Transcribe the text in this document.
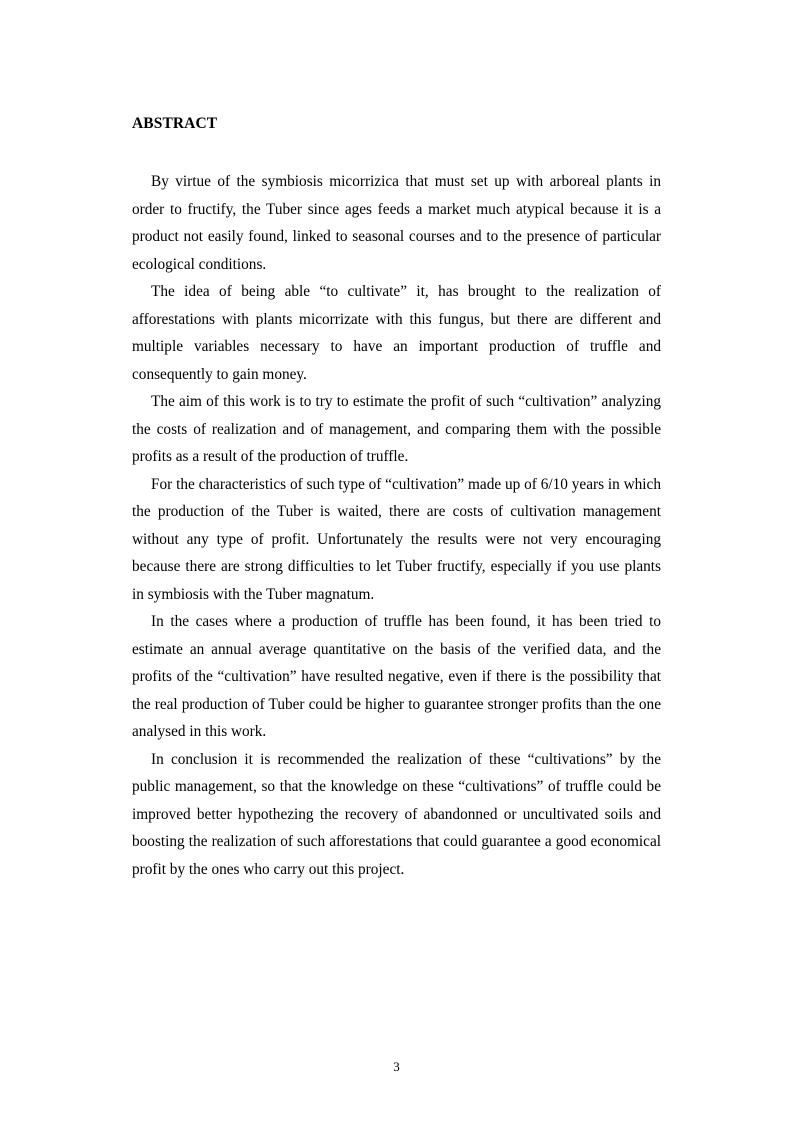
ABSTRACT

By virtue of the symbiosis micorrizica that must set up with arboreal plants in order to fructify, the Tuber since ages feeds a market much atypical because it is a product not easily found, linked to seasonal courses and to the presence of particular ecological conditions.

The idea of being able “to cultivate” it, has brought to the realization of afforestations with plants micorrizate with this fungus, but there are different and multiple variables necessary to have an important production of truffle and consequently to gain money.

The aim of this work is to try to estimate the profit of such “cultivation” analyzing the costs of realization and of management, and comparing them with the possible profits as a result of the production of truffle.

For the characteristics of such type of “cultivation” made up of 6/10 years in which the production of the Tuber is waited, there are costs of cultivation management without any type of profit. Unfortunately the results were not very encouraging because there are strong difficulties to let Tuber fructify, especially if you use plants in symbiosis with the Tuber magnatum.

In the cases where a production of truffle has been found, it has been tried to estimate an annual average quantitative on the basis of the verified data, and the profits of the “cultivation” have resulted negative, even if there is the possibility that the real production of Tuber could be higher to guarantee stronger profits than the one analysed in this work.

In conclusion it is recommended the realization of these “cultivations” by the public management, so that the knowledge on these “cultivations” of truffle could be improved better hypothezing the recovery of abandonned or uncultivated soils and boosting the realization of such afforestations that could guarantee a good economical profit by the ones who carry out this project.

3
